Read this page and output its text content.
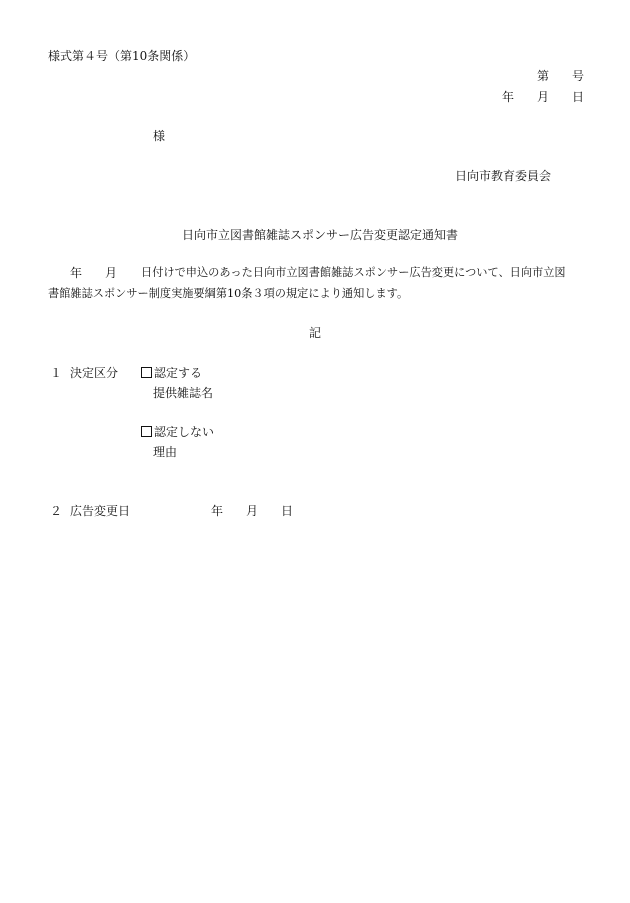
様式第４号（第10条関係）
第 号
年 月 日
様
日向市教育委員会
日向市立図書館雑誌スポンサー広告変更認定通知書
年 月 日付けで申込のあった日向市立図書館雑誌スポンサー広告変更について、日向市立図
書館雑誌スポンサー制度実施要綱第10条３項の規定により通知します。
記
１ 決定区分	認定する
提供雑誌名
認定しない
理由
２ 広告変更日	年 月 日
